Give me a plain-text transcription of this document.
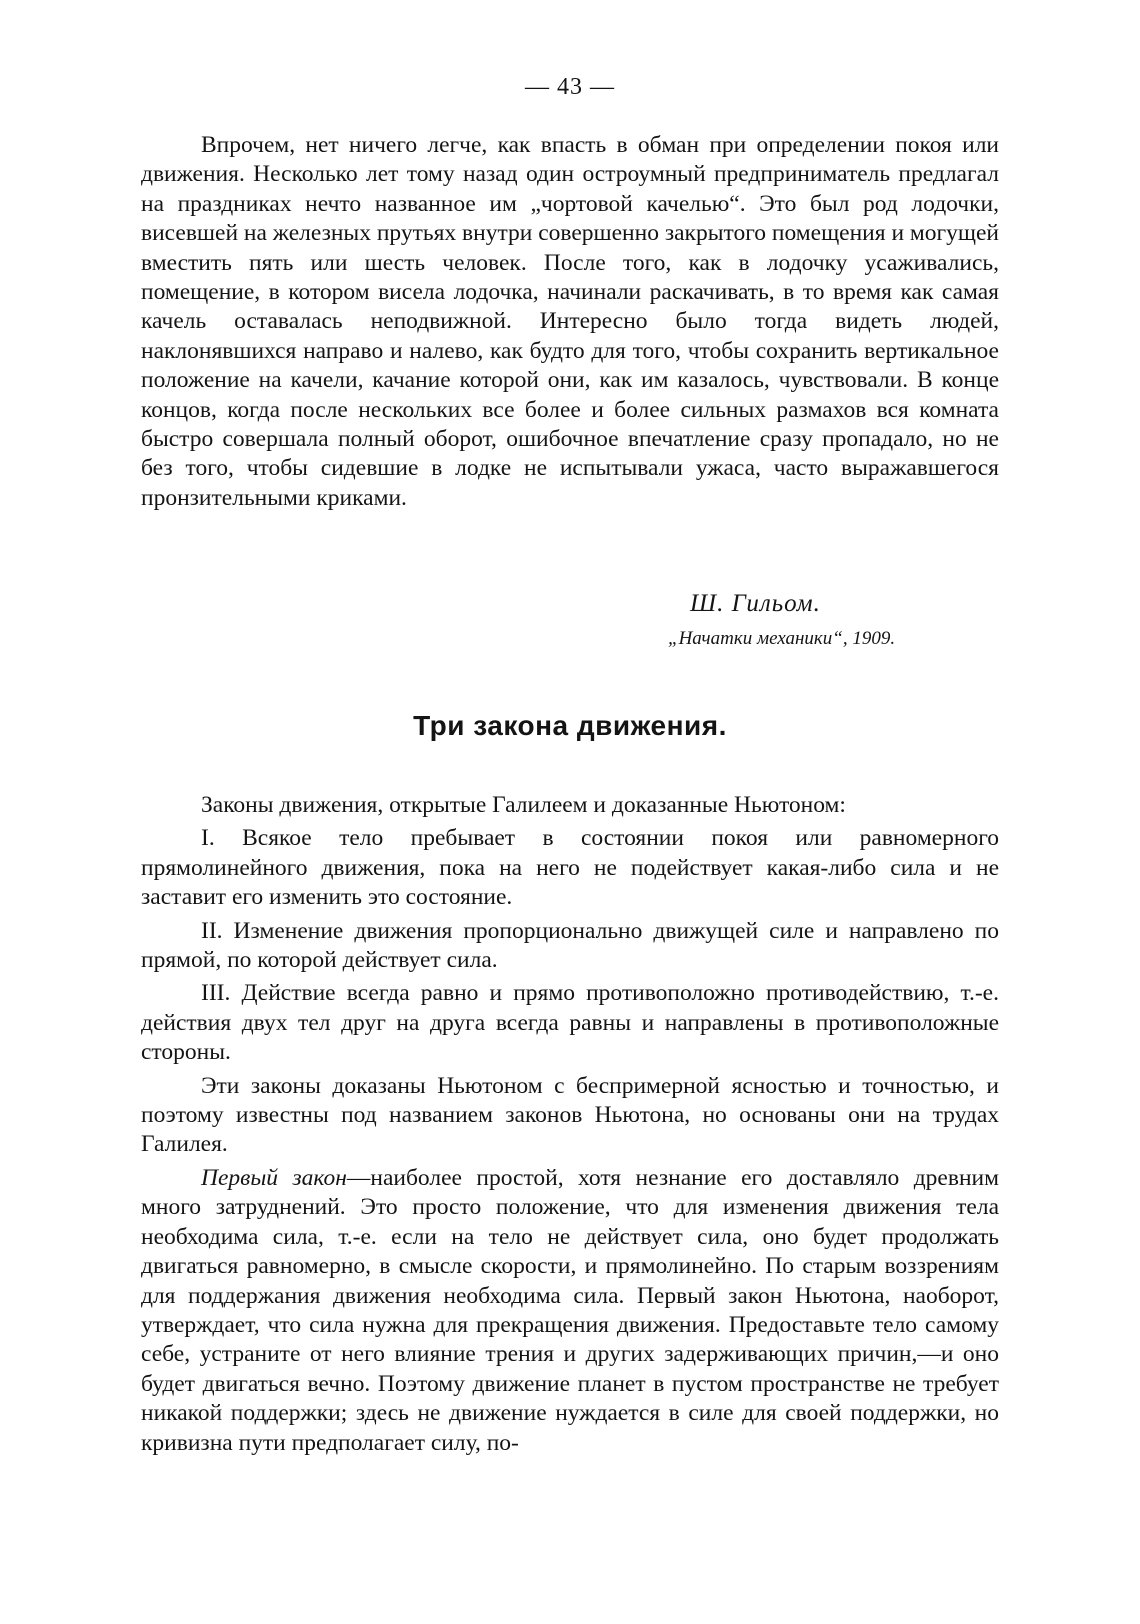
— 43 —

Впрочем, нет ничего легче, как впасть в обман при определении покоя или движения. Несколько лет тому назад один остроумный предприниматель предлагал на праздниках нечто названное им „чортовой качелью“. Это был род лодочки, висевшей на железных прутьях внутри совершенно закрытого помещения и могущей вместить пять или шесть человек. После того, как в лодочку усаживались, помещение, в котором висела лодочка, начинали раскачивать, в то время как самая качель оставалась неподвижной. Интересно было тогда видеть людей, наклонявшихся направо и налево, как будто для того, чтобы сохранить вертикальное положение на качели, качание которой они, как им казалось, чувствовали. В конце концов, когда после нескольких все более и более сильных размахов вся комната быстро совершала полный оборот, ошибочное впечатление сразу пропадало, но не без того, чтобы сидевшие в лодке не испытывали ужаса, часто выражавшегося пронзительными криками.

Ш. Гильом.
„Начатки механики“, 1909.
Три закона движения.

Законы движения, открытые Галилеем и доказанные Ньютоном:

I. Всякое тело пребывает в состоянии покоя или равномерного прямолинейного движения, пока на него не подействует какая-либо сила и не заставит его изменить это состояние.

II. Изменение движения пропорционально движущей силе и направлено по прямой, по которой действует сила.

III. Действие всегда равно и прямо противоположно противодействию, т.-е. действия двух тел друг на друга всегда равны и направлены в противоположные стороны.

Эти законы доказаны Ньютоном с беспримерной ясностью и точностью, и поэтому известны под названием законов Ньютона, но основаны они на трудах Галилея.

Первый закон—наиболее простой, хотя незнание его доставляло древним много затруднений. Это просто положение, что для изменения движения тела необходима сила, т.-е. если на тело не действует сила, оно будет продолжать двигаться равномерно, в смысле скорости, и прямолинейно. По старым воззрениям для поддержания движения необходима сила. Первый закон Ньютона, наоборот, утверждает, что сила нужна для прекращения движения. Предоставьте тело самому себе, устраните от него влияние трения и других задерживающих причин,—и оно будет двигаться вечно. Поэтому движение планет в пустом пространстве не требует никакой поддержки; здесь не движение нуждается в силе для своей поддержки, но кривизна пути предполагает силу, по-
